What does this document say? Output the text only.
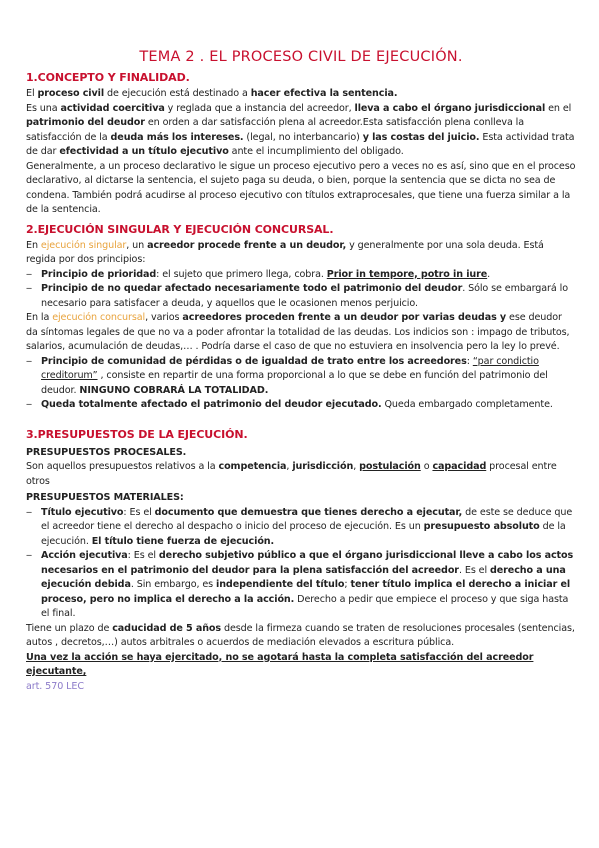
TEMA 2 . EL PROCESO CIVIL DE EJECUCIÓN.
1.CONCEPTO Y FINALIDAD.

El proceso civil de ejecución está destinado a hacer efectiva la sentencia.

Es una actividad coercitiva y reglada que a instancia del acreedor, lleva a cabo el órgano jurisdiccional en el patrimonio del deudor en orden a dar satisfacción plena al acreedor.Esta satisfacción plena conlleva la satisfacción de la deuda más los intereses. (legal, no interbancario) y las costas del juicio. Esta actividad trata de dar efectividad a un título ejecutivo ante el incumplimiento del obligado.

Generalmente, a un proceso declarativo le sigue un proceso ejecutivo pero a veces no es así, sino que en el proceso declarativo, al dictarse la sentencia, el sujeto paga su deuda, o bien, porque la sentencia que se dicta no sea de condena. También podrá acudirse al proceso ejecutivo con títulos extraprocesales, que tiene una fuerza similar a la de la sentencia.

2.EJECUCIÓN SINGULAR Y EJECUCIÓN CONCURSAL.

En ejecución singular, un acreedor procede frente a un deudor, y generalmente por una sola deuda. Está regida por dos principios:

‒ Principio de prioridad: el sujeto que primero llega, cobra. Prior in tempore, potro in iure.
‒ Principio de no quedar afectado necesariamente todo el patrimonio del deudor. Sólo se embargará lo necesario para satisfacer a deuda, y aquellos que le ocasionen menos perjuicio.

En la ejecución concursal, varios acreedores proceden frente a un deudor por varias deudas y ese deudor da síntomas legales de que no va a poder afrontar la totalidad de las deudas. Los indicios son : impago de tributos, salarios, acumulación de deudas,… . Podría darse el caso de que no estuviera en insolvencia pero la ley lo prevé.

‒ Principio de comunidad de pérdidas o de igualdad de trato entre los acreedores: “par condictio creditorum” , consiste en repartir de una forma proporcional a lo que se debe en función del patrimonio del deudor. NINGUNO COBRARÁ LA TOTALIDAD.
‒ Queda totalmente afectado el patrimonio del deudor ejecutado. Queda embargado completamente.
3.PRESUPUESTOS DE LA EJECUCIÓN.
PRESUPUESTOS PROCESALES.

Son aquellos presupuestos relativos a la competencia, jurisdicción, postulación o capacidad procesal entre otros

PRESUPUESTOS MATERIALES:
‒ Título ejecutivo: Es el documento que demuestra que tienes derecho a ejecutar, de este se deduce que el acreedor tiene el derecho al despacho o inicio del proceso de ejecución. Es un presupuesto absoluto de la ejecución. El título tiene fuerza de ejecución.
‒ Acción ejecutiva: Es el derecho subjetivo público a que el órgano jurisdiccional lleve a cabo los actos necesarios en el patrimonio del deudor para la plena satisfacción del acreedor. Es el derecho a una ejecución debida. Sin embargo, es independiente del título; tener título implica el derecho a iniciar el proceso, pero no implica el derecho a la acción. Derecho a pedir que empiece el proceso y que siga hasta el final.

Tiene un plazo de caducidad de 5 años desde la firmeza cuando se traten de resoluciones procesales (sentencias, autos , decretos,…) autos arbitrales o acuerdos de mediación elevados a escritura pública.

Una vez la acción se haya ejercitado, no se agotará hasta la completa satisfacción del acreedor ejecutante,

art. 570 LEC
